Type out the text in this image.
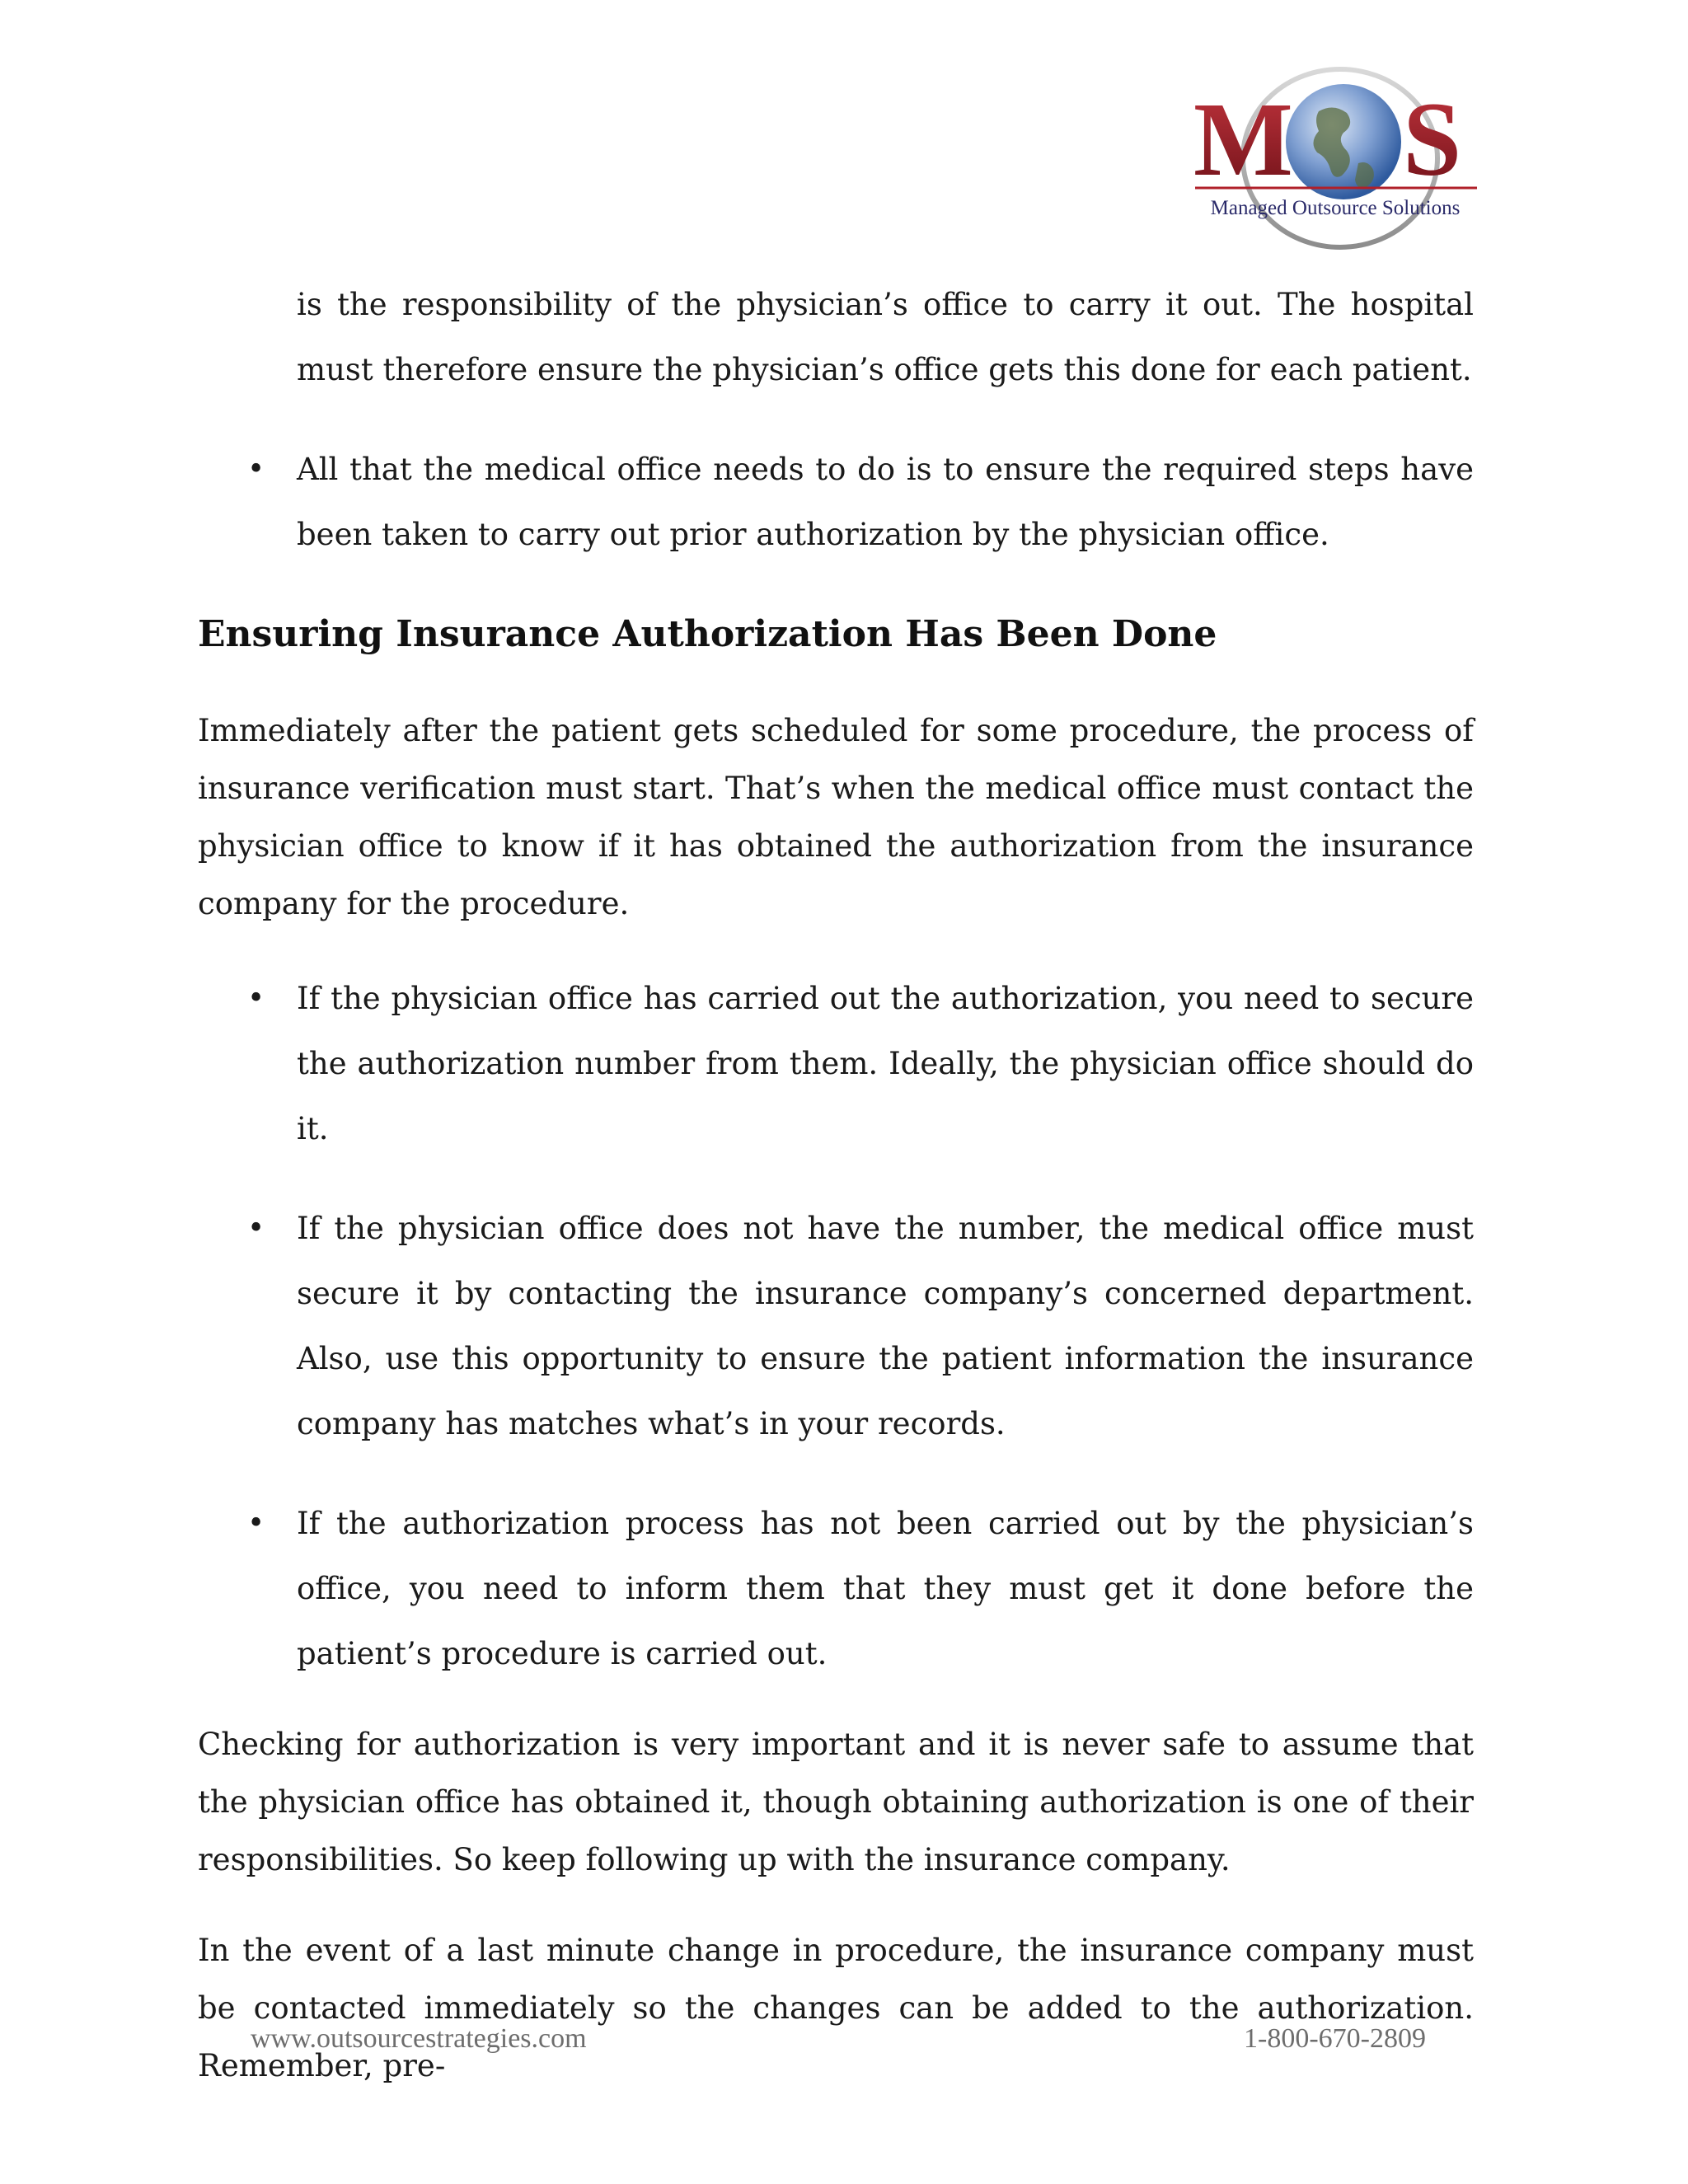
M S
Managed Outsource Solutions

is the responsibility of the physician’s office to carry it out. The hospital must therefore ensure the physician’s office gets this done for each patient.

• All that the medical office needs to do is to ensure the required steps have been taken to carry out prior authorization by the physician office.
Ensuring Insurance Authorization Has Been Done

Immediately after the patient gets scheduled for some procedure, the process of insurance verification must start. That’s when the medical office must contact the physician office to know if it has obtained the authorization from the insurance company for the procedure.

• If the physician office has carried out the authorization, you need to secure the authorization number from them. Ideally, the physician office should do it.
• If the physician office does not have the number, the medical office must secure it by contacting the insurance company’s concerned department. Also, use this opportunity to ensure the patient information the insurance company has matches what’s in your records.
• If the authorization process has not been carried out by the physician’s office, you need to inform them that they must get it done before the patient’s procedure is carried out.

Checking for authorization is very important and it is never safe to assume that the physician office has obtained it, though obtaining authorization is one of their responsibilities. So keep following up with the insurance company.

In the event of a last minute change in procedure, the insurance company must be contacted immediately so the changes can be added to the authorization. Remember, pre-

www.outsourcestrategies.com	1-800-670-2809
